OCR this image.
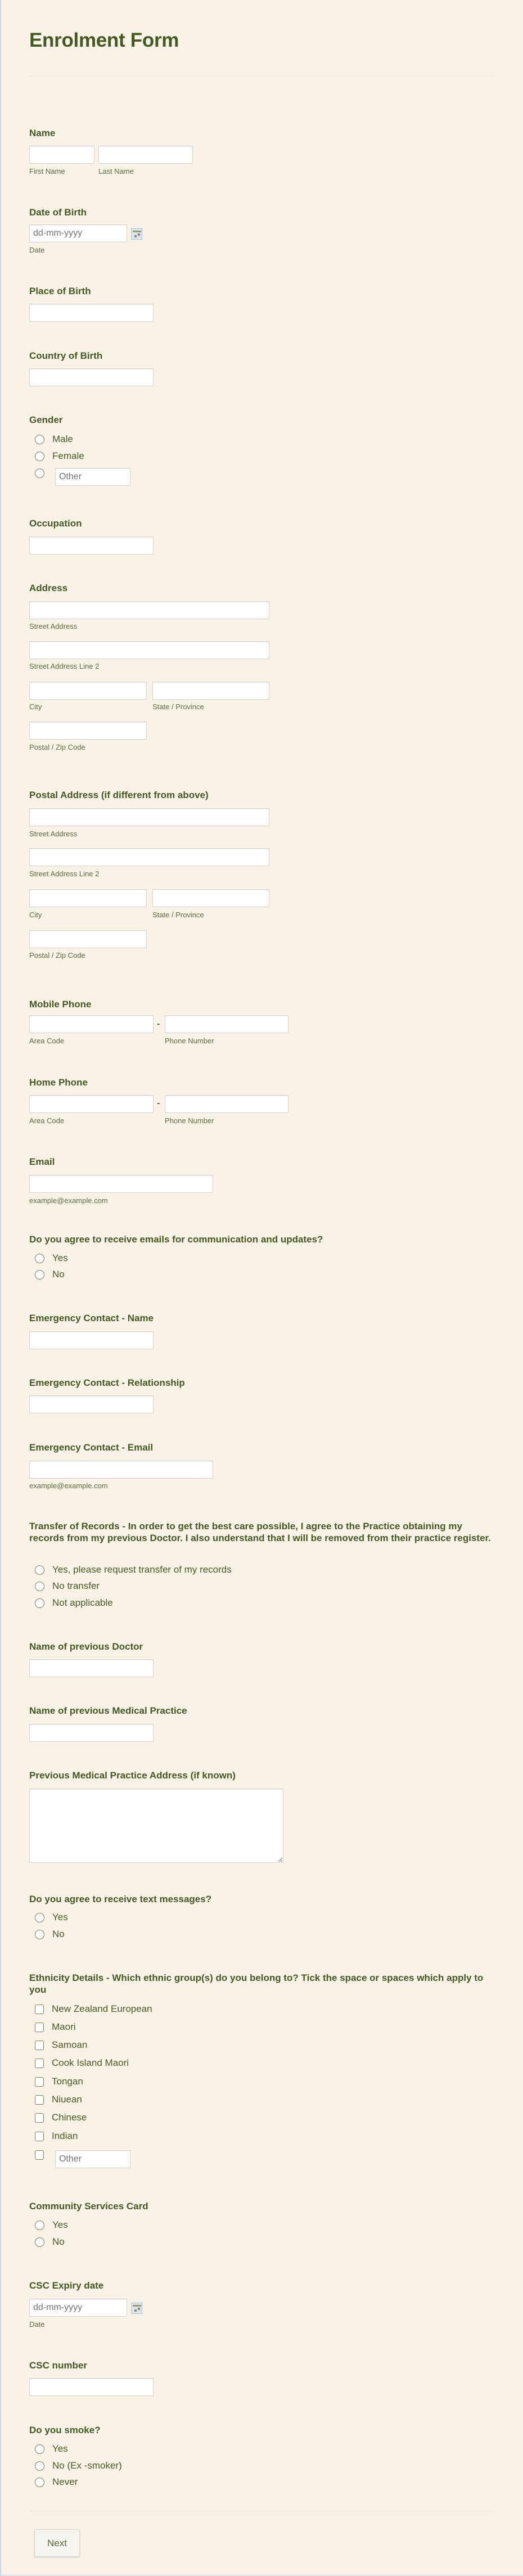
Enrolment Form
Name
First Name	Last Name
Date of Birth
dd-mm-yyyy
Date
Place of Birth
Country of Birth
Gender
Male
Female
Other
Occupation
Address
Street Address
Street Address Line 2
City	State / Province
Postal / Zip Code
Postal Address (if different from above)
Street Address
Street Address Line 2
City	State / Province
Postal / Zip Code
Mobile Phone
-
Area Code	Phone Number
Home Phone
-
Area Code	Phone Number
Email
example@example.com
Do you agree to receive emails for communication and updates?
Yes
No
Emergency Contact - Name
Emergency Contact - Relationship
Emergency Contact - Email
example@example.com
Transfer of Records - In order to get the best care possible, I agree to the Practice obtaining my records from my previous Doctor. I also understand that I will be removed from their practice register.
Yes, please request transfer of my records
No transfer
Not applicable
Name of previous Doctor
Name of previous Medical Practice
Previous Medical Practice Address (if known)
Do you agree to receive text messages?
Yes
No
Ethnicity Details - Which ethnic group(s) do you belong to? Tick the space or spaces which apply to you
New Zealand European
Maori
Samoan
Cook Island Maori
Tongan
Niuean
Chinese
Indian
Other
Community Services Card
Yes
No
CSC Expiry date
dd-mm-yyyy
Date
CSC number
Do you smoke?
Yes
No (Ex -smoker)
Never
Next
